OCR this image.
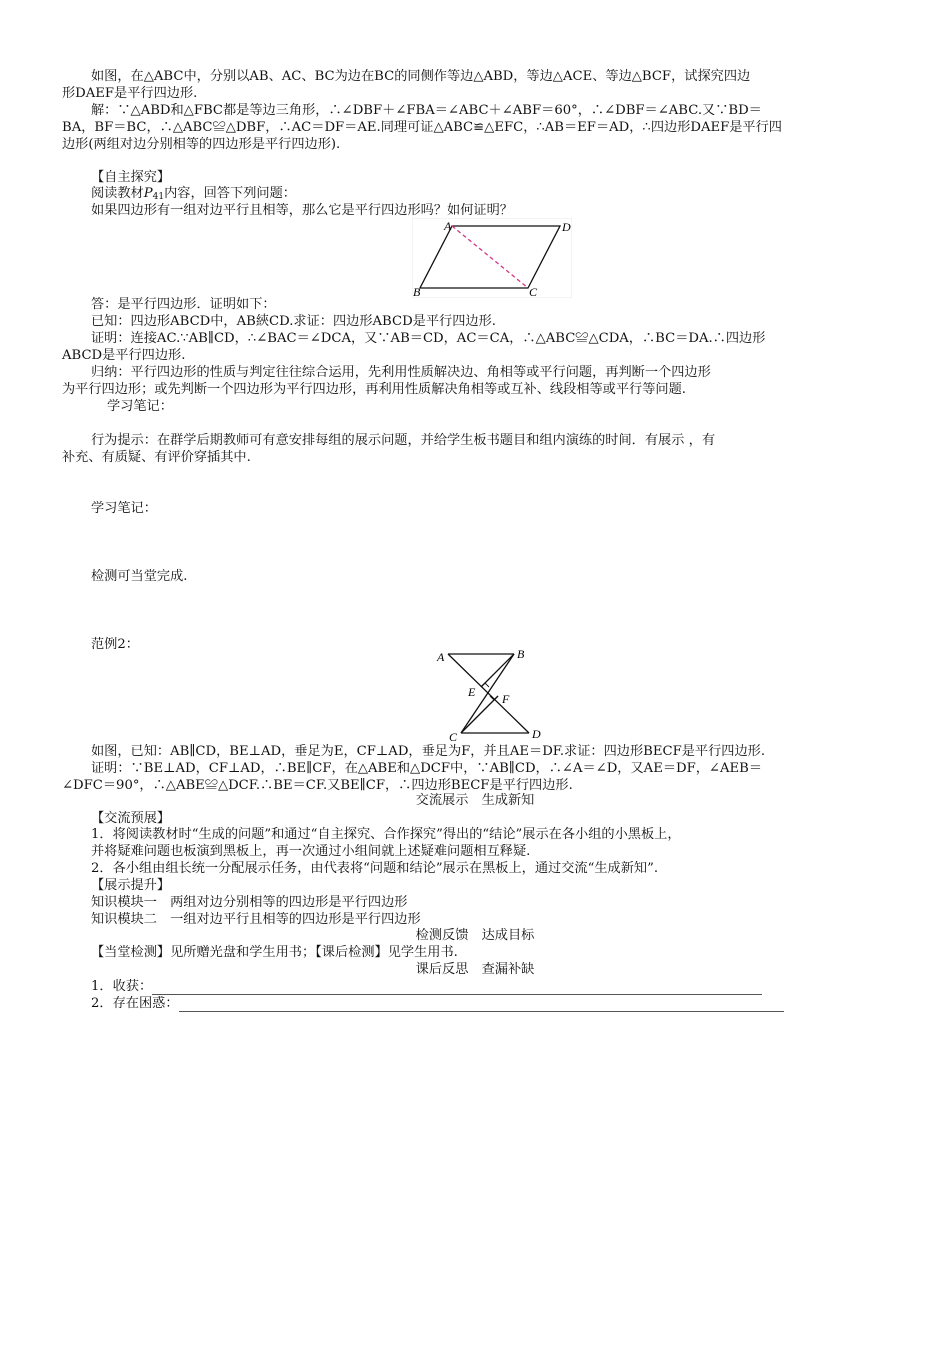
如图，在△ABC中，分别以AB、AC、BC为边在BC的同侧作等边△ABD，等边△ACE、等边△BCF，试探究四边
形DAEF是平行四边形.
解：∵△ABD和△FBC都是等边三角形，∴∠DBF＋∠FBA＝∠ABC＋∠ABF＝60°，∴∠DBF＝∠ABC.又∵BD＝
BA，BF＝BC，∴△ABC≌△DBF，∴AC＝DF＝AE.同理可证△ABC≌△EFC，∴AB＝EF＝AD，∴四边形DAEF是平行四
边形(两组对边分别相等的四边形是平行四边形).
【自主探究】
阅读教材$P_{41}$内容，回答下列问题：
如果四边形有一组对边平行且相等，那么它是平行四边形吗？如何证明？
A	D
B	C
答：是平行四边形．证明如下：
已知：四边形ABCD中，AB綊CD.求证：四边形ABCD是平行四边形.
证明：连接AC.∵AB∥CD，∴∠BAC＝∠DCA，又∵AB＝CD，AC＝CA，∴△ABC≌△CDA，∴BC＝DA.∴四边形
ABCD是平行四边形.
归纳：平行四边形的性质与判定往往综合运用，先利用性质解决边、角相等或平行问题，再判断一个四边形
为平行四边形；或先判断一个四边形为平行四边形，再利用性质解决角相等或互补、线段相等或平行等问题.
学习笔记：
行为提示：在群学后期教师可有意安排每组的展示问题，并给学生板书题目和组内演练的时间．有展示 ，有
补充、有质疑、有评价穿插其中.
学习笔记：
检测可当堂完成.
范例2：
A	B
C	D
E F
如图，已知：AB∥CD，BE⊥AD，垂足为E，CF⊥AD，垂足为F，并且AE＝DF.求证：四边形BECF是平行四边形.
证明：∵BE⊥AD，CF⊥AD，∴BE∥CF，在△ABE和△DCF中，∵AB∥CD，∴∠A＝∠D，又AE＝DF，∠AEB＝
∠DFC＝90°，∴△ABE≌△DCF.∴BE＝CF.又BE∥CF，∴四边形BECF是平行四边形.
交流展示　生成新知
【交流预展】
1．将阅读教材时“生成的问题”和通过“自主探究、合作探究”得出的“结论”展示在各小组的小黑板上，
并将疑难问题也板演到黑板上，再一次通过小组间就上述疑难问题相互释疑.
2．各小组由组长统一分配展示任务，由代表将“问题和结论”展示在黑板上，通过交流“生成新知”.
【展示提升】
知识模块一　两组对边分别相等的四边形是平行四边形
知识模块二　一组对边平行且相等的四边形是平行四边形
检测反馈　达成目标
【当堂检测】见所赠光盘和学生用书；【课后检测】见学生用书.
课后反思　查漏补缺
1．收获：
2．存在困惑：
